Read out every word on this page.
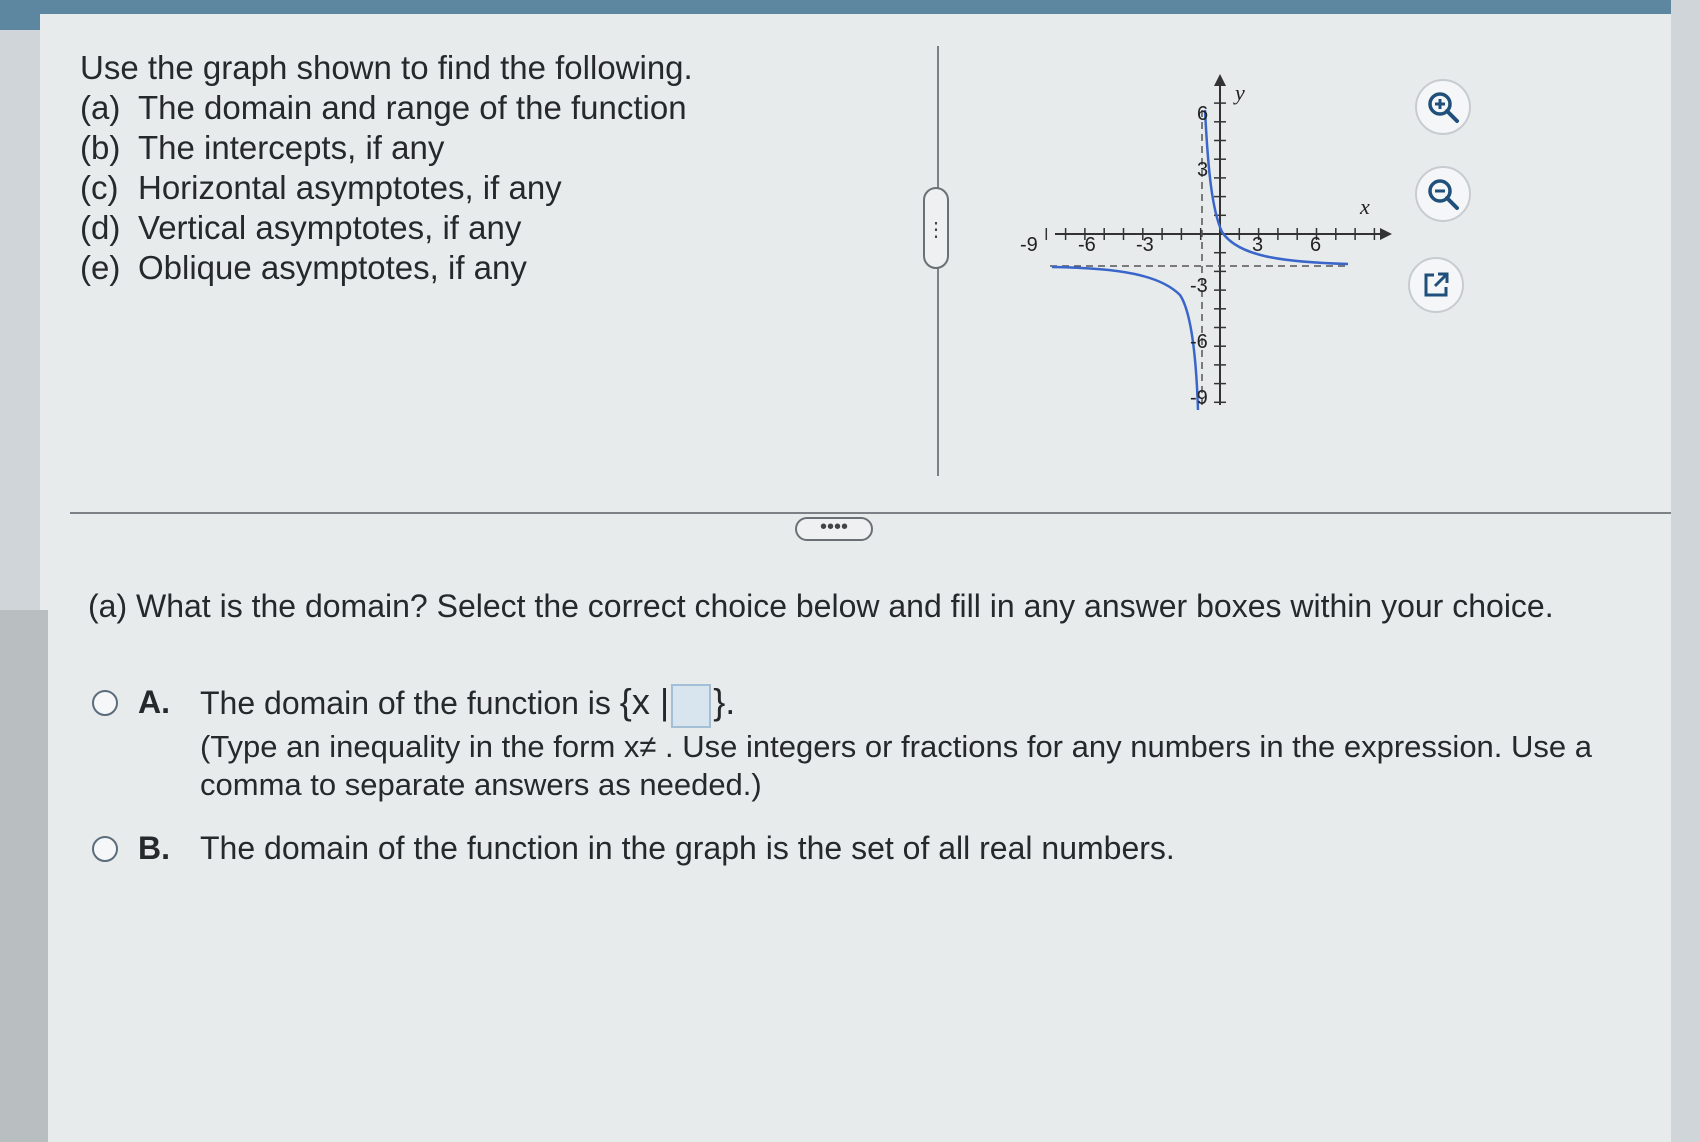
Use the graph shown to find the following.
(a) The domain and range of the function
(b) The intercepts, if any
(c) Horizontal asymptotes, if any
(d) Vertical asymptotes, if any
(e) Oblique asymptotes, if any
⋮
-9 -6 -3	3 6
6
3
-3
-6
-9
x
y
••••
(a) What is the domain? Select the correct choice below and fill in any answer boxes within your choice.
A. The domain of the function is {x | }.
(Type an inequality in the form x≠ . Use integers or fractions for any numbers in the expression. Use a comma to separate answers as needed.)
B. The domain of the function in the graph is the set of all real numbers.
